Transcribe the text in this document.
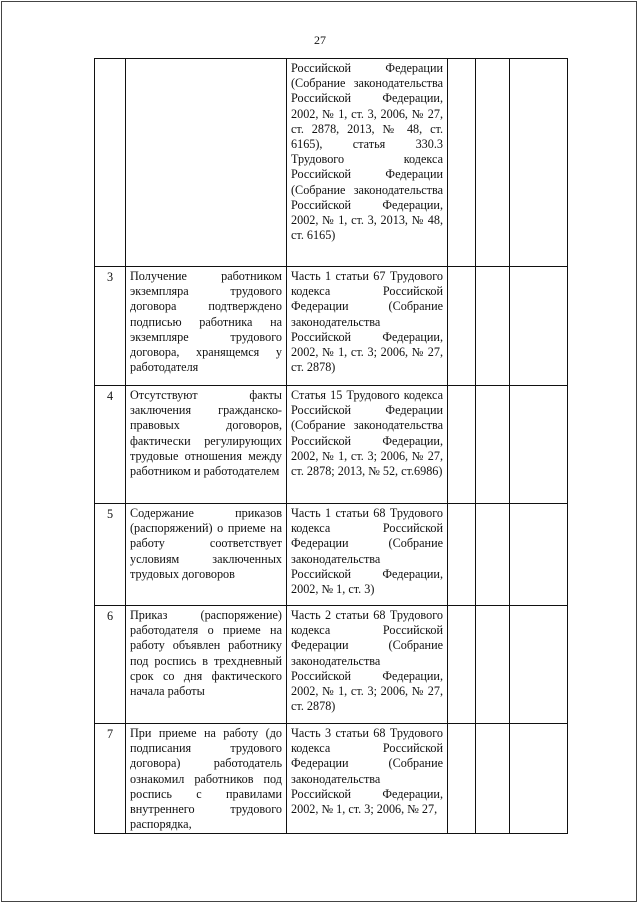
27
		Российской Федерации (Собрание законодательства Российской Федерации, 2002, № 1, ст. 3, 2006, № 27, ст. 2878, 2013, № 48, ст. 6165), статья 330.3 Трудового кодекса Российской Федерации (Собрание законодательства Российской Федерации, 2002, № 1, ст. 3, 2013, № 48, ст. 6165)			

3	Получение работником экземпляра трудового договора подтверждено подписью работника на экземпляре трудового договора, хранящемся у работодателя	Часть 1 статьи 67 Трудового кодекса Российской Федерации (Собрание законодательства Российской Федерации, 2002, № 1, ст. 3; 2006, № 27, ст. 2878)			

4	Отсутствуют факты заключения гражданско-правовых договоров, фактически регулирующих трудовые отношения между работником и работодателем	Статья 15 Трудового кодекса Российской Федерации (Собрание законодательства Российской Федерации, 2002, № 1, ст. 3; 2006, № 27, ст. 2878; 2013, № 52, ст.6986)			

5	Содержание приказов (распоряжений) о приеме на работу соответствует условиям заключенных трудовых договоров	Часть 1 статьи 68 Трудового кодекса Российской Федерации (Собрание законодательства Российской Федерации, 2002, № 1, ст. 3)			

6	Приказ (распоряжение) работодателя о приеме на работу объявлен работнику под роспись в трехдневный срок со дня фактического начала работы	Часть 2 статьи 68 Трудового кодекса Российской Федерации (Собрание законодательства Российской Федерации, 2002, № 1, ст. 3; 2006, № 27, ст. 2878)			

7	При приеме на работу (до подписания трудового договора) работодатель ознакомил работников под роспись с правилами внутреннего трудового распорядка,	Часть 3 статьи 68 Трудового кодекса Российской Федерации (Собрание законодательства Российской Федерации, 2002, № 1, ст. 3; 2006, № 27,			
